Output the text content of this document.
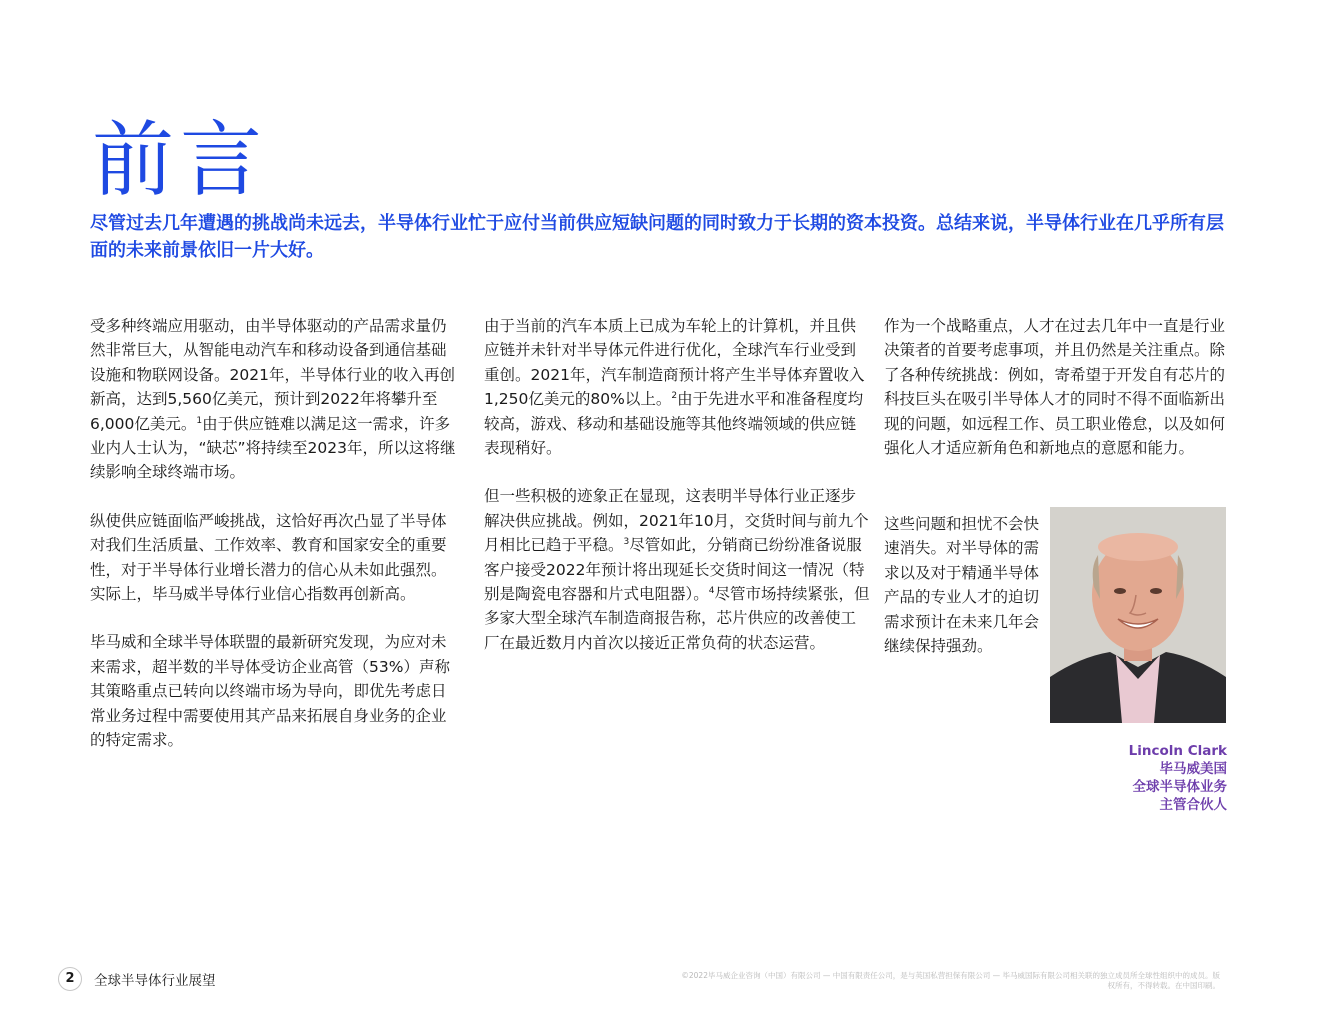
前言

尽管过去几年遭遇的挑战尚未远去，半导体行业忙于应付当前供应短缺问题的同时致力于长期的资本投资。总结来说，半导体行业在几乎所有层面的未来前景依旧一片大好。

受多种终端应用驱动，由半导体驱动的产品需求量仍然非常巨大，从智能电动汽车和移动设备到通信基础设施和物联网设备。2021年，半导体行业的收入再创新高，达到5,560亿美元，预计到2022年将攀升至6,000亿美元。$^1$由于供应链难以满足这一需求，许多业内人士认为，“缺芯”将持续至2023年，所以这将继续影响全球终端市场。

纵使供应链面临严峻挑战，这恰好再次凸显了半导体对我们生活质量、工作效率、教育和国家安全的重要性，对于半导体行业增长潜力的信心从未如此强烈。实际上，毕马威半导体行业信心指数再创新高。

毕马威和全球半导体联盟的最新研究发现，为应对未来需求，超半数的半导体受访企业高管（53%）声称其策略重点已转向以终端市场为导向，即优先考虑日常业务过程中需要使用其产品来拓展自身业务的企业的特定需求。

由于当前的汽车本质上已成为车轮上的计算机，并且供应链并未针对半导体元件进行优化，全球汽车行业受到重创。2021年，汽车制造商预计将产生半导体弃置收入1,250亿美元的80%以上。$^2$由于先进水平和准备程度均较高，游戏、移动和基础设施等其他终端领域的供应链表现稍好。

但一些积极的迹象正在显现，这表明半导体行业正逐步解决供应挑战。例如，2021年10月，交货时间与前九个月相比已趋于平稳。$^3$尽管如此，分销商已纷纷准备说服客户接受2022年预计将出现延长交货时间这一情况（特别是陶瓷电容器和片式电阻器）。$^4$尽管市场持续紧张，但多家大型全球汽车制造商报告称，芯片供应的改善使工厂在最近数月内首次以接近正常负荷的状态运营。

作为一个战略重点，人才在过去几年中一直是行业决策者的首要考虑事项，并且仍然是关注重点。除了各种传统挑战：例如，寄希望于开发自有芯片的科技巨头在吸引半导体人才的同时不得不面临新出现的问题，如远程工作、员工职业倦怠，以及如何强化人才适应新角色和新地点的意愿和能力。

这些问题和担忧不会快速消失。对半导体的需求以及对于精通半导体产品的专业人才的迫切需求预计在未来几年会继续保持强劲。

Lincoln Clark
毕马威美国
全球半导体业务
主管合伙人
2	全球半导体行业展望	©2022毕马威企业咨询（中国）有限公司 — 中国有限责任公司，是与英国私营担保有限公司 — 毕马威国际有限公司相关联的独立成员所全球性组织中的成员。版
权所有，不得转载。在中国印刷。
